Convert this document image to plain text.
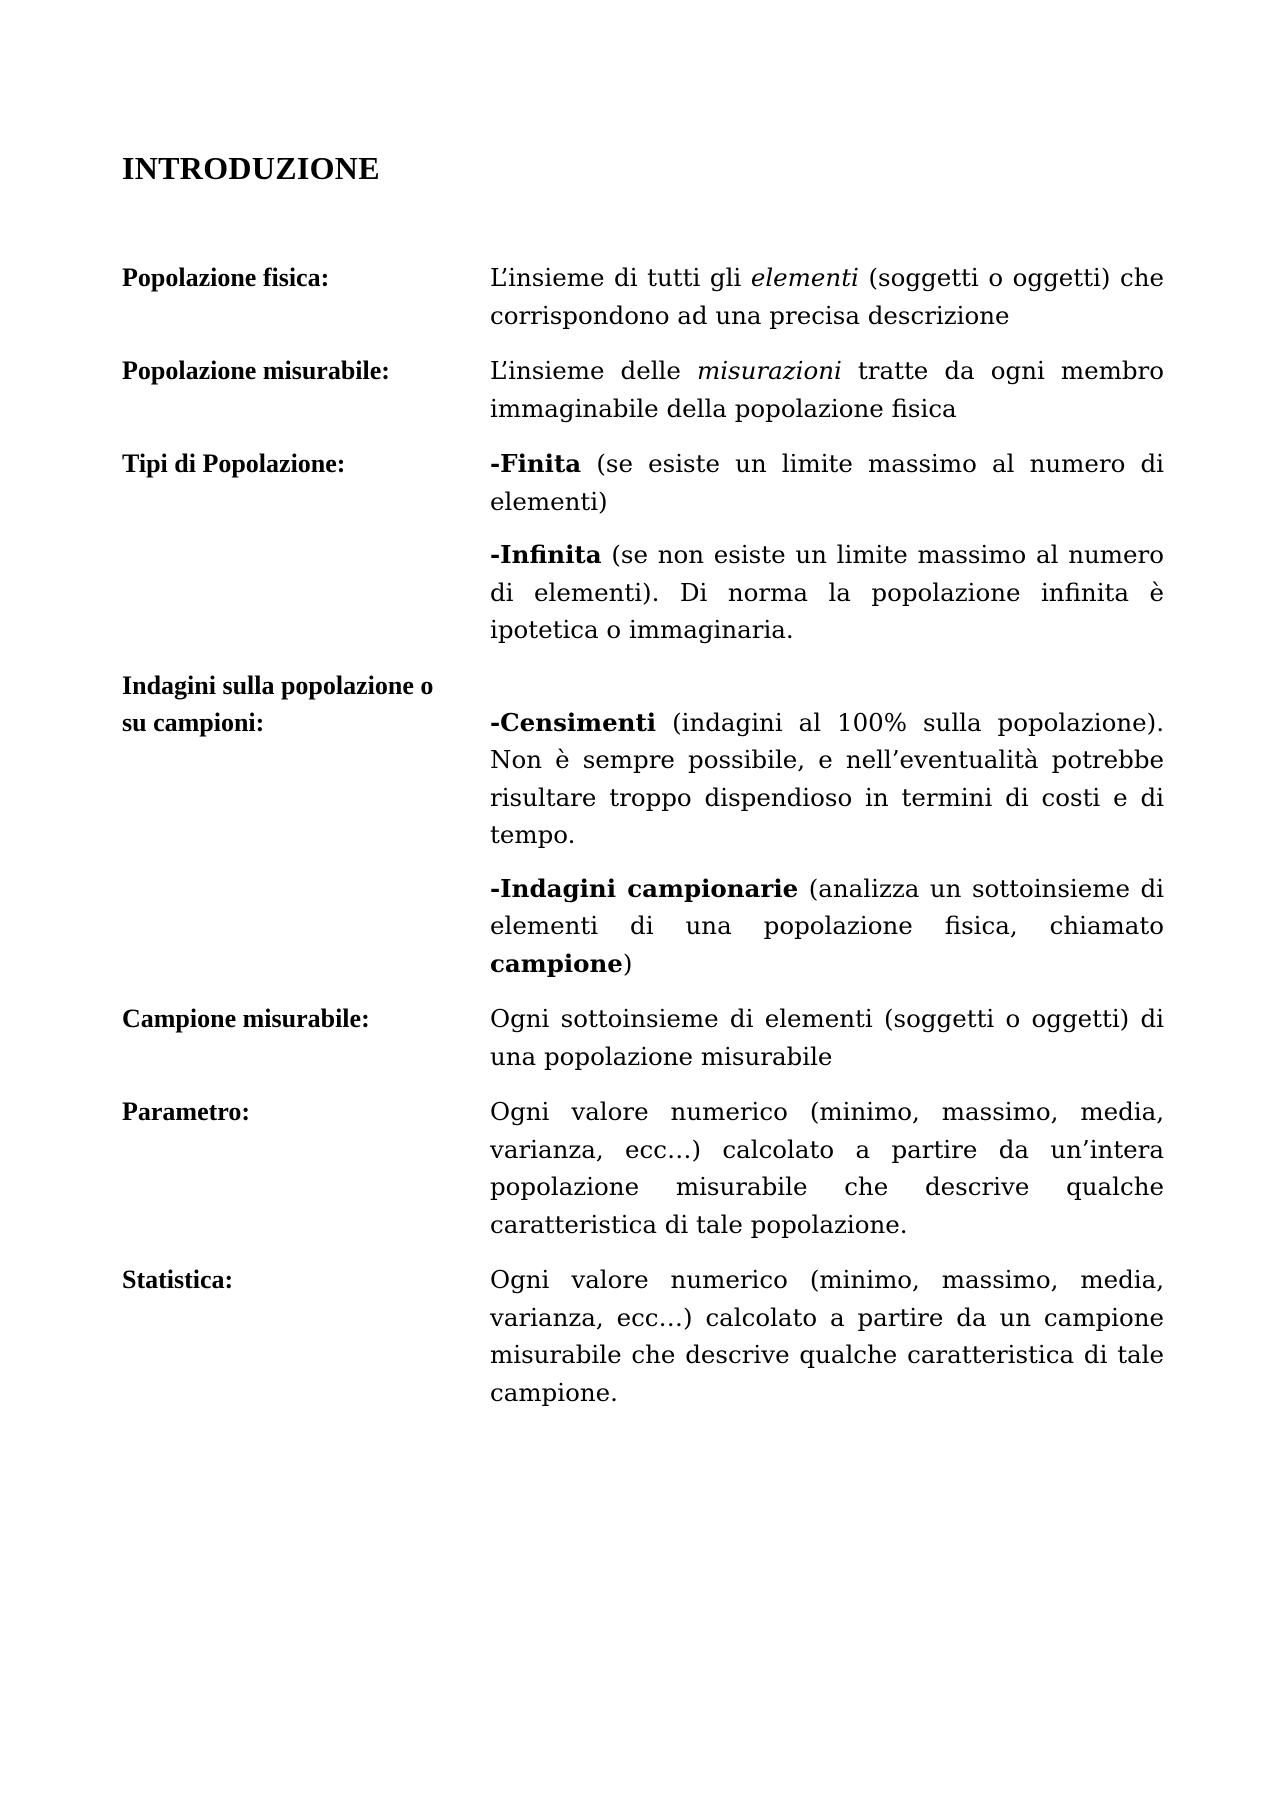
INTRODUZIONE
Popolazione fisica:	L’insieme di tutti gli elementi (soggetti o oggetti) che corrispondono ad una precisa descrizione

Popolazione misurabile:	L’insieme delle misurazioni tratte da ogni membro immaginabile della popolazione fisica

Tipi di Popolazione:	-Finita (se esiste un limite massimo al numero di elementi)

-Infinita (se non esiste un limite massimo al numero di elementi). Di norma la popolazione infinita è ipotetica o immaginaria.

Indagini sulla popolazione o su campioni:	-Censimenti (indagini al 100% sulla popolazione). Non è sempre possibile, e nell’eventualità potrebbe risultare troppo dispendioso in termini di costi e di tempo.

-Indagini campionarie (analizza un sottoinsieme di elementi di una popolazione fisica, chiamato campione)

Campione misurabile:	Ogni sottoinsieme di elementi (soggetti o oggetti) di una popolazione misurabile

Parametro:	Ogni valore numerico (minimo, massimo, media, varianza, ecc…) calcolato a partire da un’intera popolazione misurabile che descrive qualche caratteristica di tale popolazione.

Statistica:	Ogni valore numerico (minimo, massimo, media, varianza, ecc…) calcolato a partire da un campione misurabile che descrive qualche caratteristica di tale campione.
